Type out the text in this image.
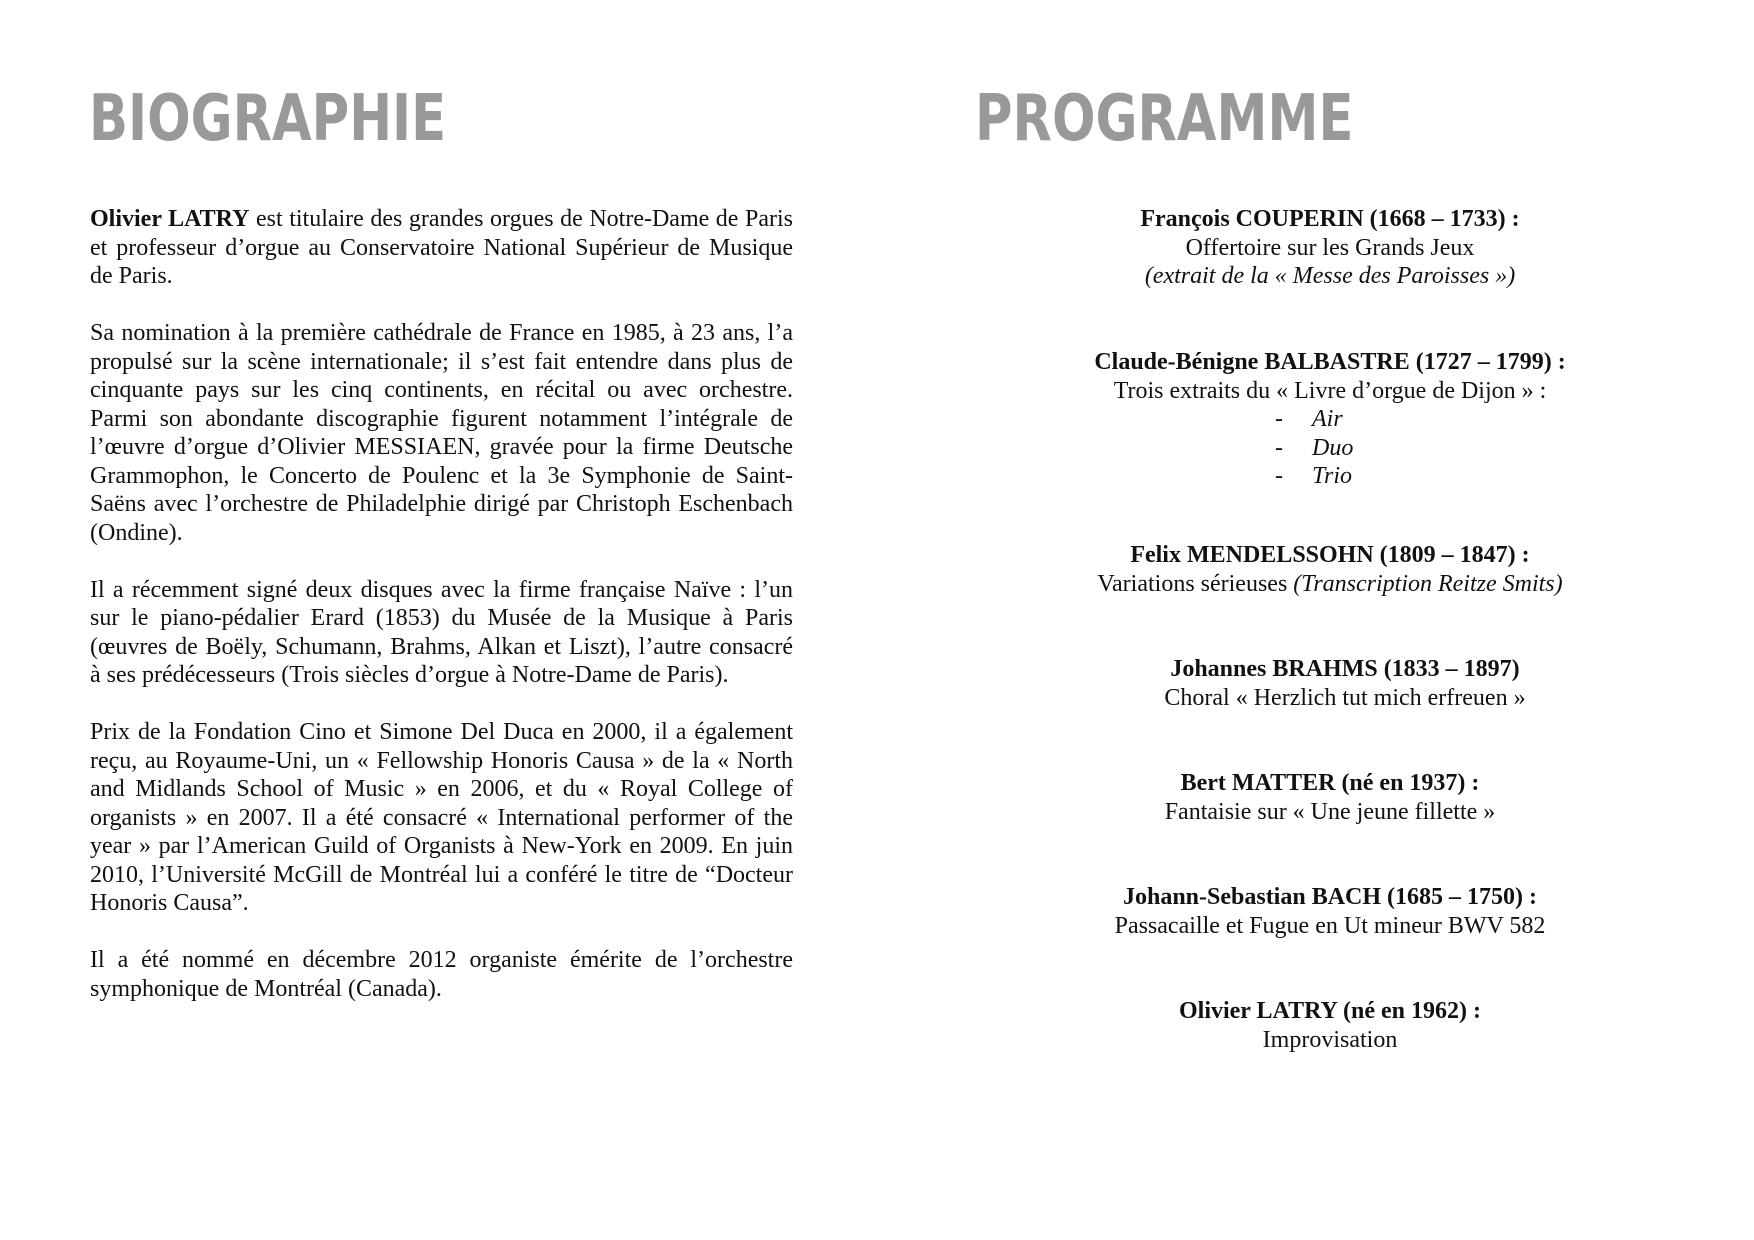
BIOGRAPHIE

Olivier LATRY est titulaire des grandes orgues de Notre-Dame de Paris et professeur d’orgue au Conservatoire National Supérieur de Musique de Paris.

Sa nomination à la première cathédrale de France en 1985, à 23 ans, l’a propulsé sur la scène internationale; il s’est fait entendre dans plus de cinquante pays sur les cinq continents, en récital ou avec orchestre. Parmi son abondante discographie figurent notamment l’intégrale de l’œuvre d’orgue d’Olivier MESSIAEN, gravée pour la firme Deutsche Grammophon, le Concerto de Poulenc et la 3e Symphonie de Saint-Saëns avec l’orchestre de Philadelphie dirigé par Christoph Eschenbach (Ondine).

Il a récemment signé deux disques avec la firme française Naïve : l’un sur le piano-pédalier Erard (1853) du Musée de la Musique à Paris (œuvres de Boëly, Schumann, Brahms, Alkan et Liszt), l’autre consacré à ses prédécesseurs (Trois siècles d’orgue à Notre-Dame de Paris).

Prix de la Fondation Cino et Simone Del Duca en 2000, il a également reçu, au Royaume-Uni, un « Fellowship Honoris Causa » de la « North and Midlands School of Music » en 2006, et du « Royal College of organists » en 2007. Il a été consacré « International performer of the year » par l’American Guild of Organists à New-York en 2009. En juin 2010, l’Université McGill de Montréal lui a conféré le titre de “Docteur Honoris Causa”.

Il a été nommé en décembre 2012 organiste émérite de l’orchestre symphonique de Montréal (Canada).

PROGRAMME
François COUPERIN (1668 – 1733) :
Offertoire sur les Grands Jeux
(extrait de la « Messe des Paroisses »)
Claude-Bénigne BALBASTRE (1727 – 1799) :
Trois extraits du « Livre d’orgue de Dijon » :
- Air
- Duo
- Trio
Felix MENDELSSOHN (1809 – 1847) :
Variations sérieuses (Transcription Reitze Smits)
Johannes BRAHMS (1833 – 1897)
Choral « Herzlich tut mich erfreuen »
Bert MATTER (né en 1937) :
Fantaisie sur « Une jeune fillette »
Johann-Sebastian BACH (1685 – 1750) :
Passacaille et Fugue en Ut mineur BWV 582
Olivier LATRY (né en 1962) :
Improvisation
